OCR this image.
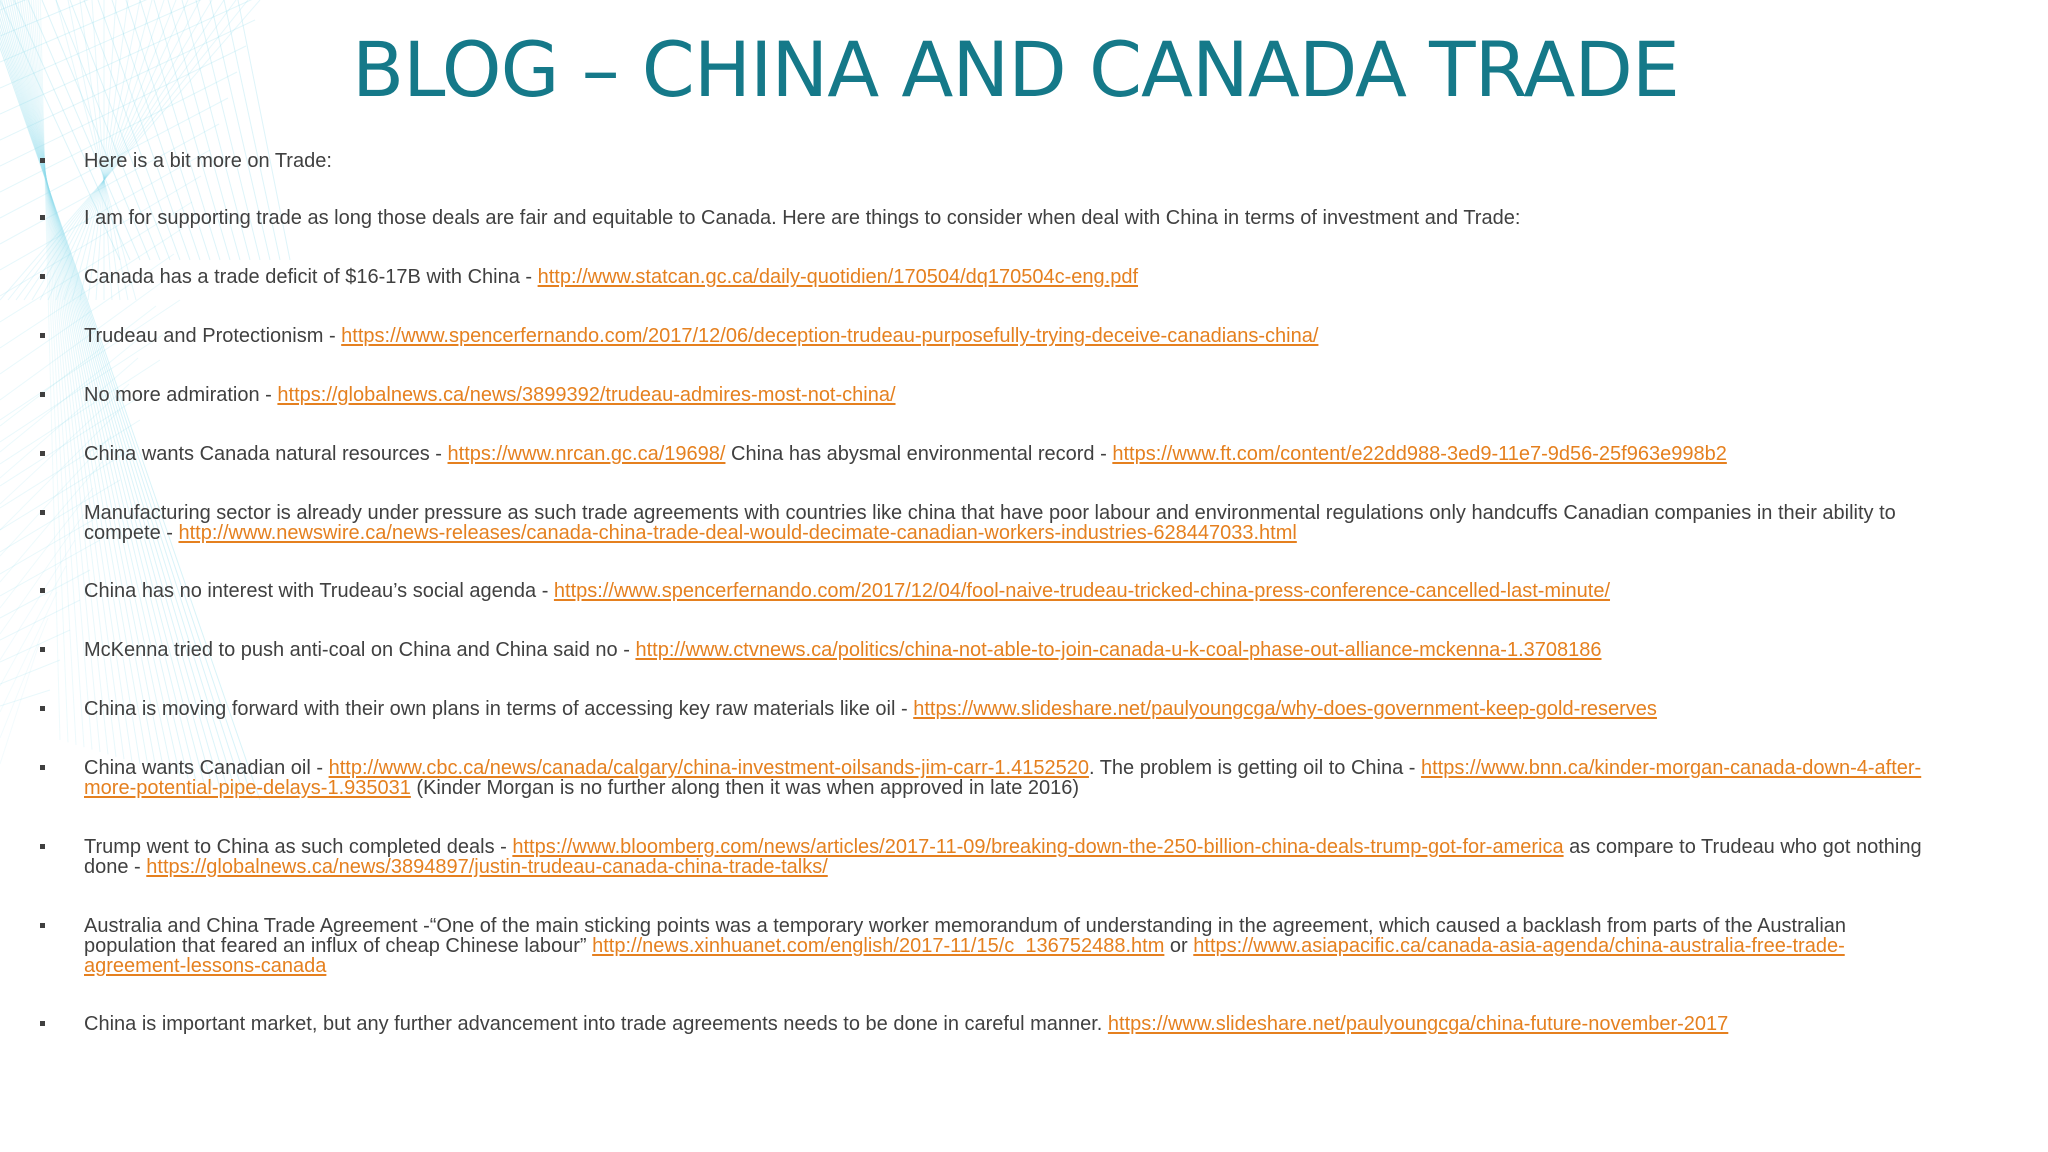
BLOG – CHINA AND CANADA TRADE
Here is a bit more on Trade:
I am for supporting trade as long those deals are fair and equitable to Canada. Here are things to consider when deal with China in terms of investment and Trade:
Canada has a trade deficit of $16-17B with China - http://www.statcan.gc.ca/daily-quotidien/170504/dq170504c-eng.pdf
Trudeau and Protectionism - https://www.spencerfernando.com/2017/12/06/deception-trudeau-purposefully-trying-deceive-canadians-china/
No more admiration - https://globalnews.ca/news/3899392/trudeau-admires-most-not-china/
China wants Canada natural resources - https://www.nrcan.gc.ca/19698/ China has abysmal environmental record - https://www.ft.com/content/e22dd988-3ed9-11e7-9d56-25f963e998b2
Manufacturing sector is already under pressure as such trade agreements with countries like china that have poor labour and environmental regulations only handcuffs Canadian companies in their ability to compete - http://www.newswire.ca/news-releases/canada-china-trade-deal-would-decimate-canadian-workers-industries-628447033.html
China has no interest with Trudeau’s social agenda - https://www.spencerfernando.com/2017/12/04/fool-naive-trudeau-tricked-china-press-conference-cancelled-last-minute/
McKenna tried to push anti-coal on China and China said no - http://www.ctvnews.ca/politics/china-not-able-to-join-canada-u-k-coal-phase-out-alliance-mckenna-1.3708186
China is moving forward with their own plans in terms of accessing key raw materials like oil - https://www.slideshare.net/paulyoungcga/why-does-government-keep-gold-reserves
China wants Canadian oil - http://www.cbc.ca/news/canada/calgary/china-investment-oilsands-jim-carr-1.4152520. The problem is getting oil to China - https://www.bnn.ca/kinder-morgan-canada-down-4-after-more-potential-pipe-delays-1.935031 (Kinder Morgan is no further along then it was when approved in late 2016)
Trump went to China as such completed deals - https://www.bloomberg.com/news/articles/2017-11-09/breaking-down-the-250-billion-china-deals-trump-got-for-america as compare to Trudeau who got nothing done - https://globalnews.ca/news/3894897/justin-trudeau-canada-china-trade-talks/
Australia and China Trade Agreement -“One of the main sticking points was a temporary worker memorandum of understanding in the agreement, which caused a backlash from parts of the Australian population that feared an influx of cheap Chinese labour” http://news.xinhuanet.com/english/2017-11/15/c_136752488.htm or https://www.asiapacific.ca/canada-asia-agenda/china-australia-free-trade-agreement-lessons-canada
China is important market, but any further advancement into trade agreements needs to be done in careful manner. https://www.slideshare.net/paulyoungcga/china-future-november-2017
